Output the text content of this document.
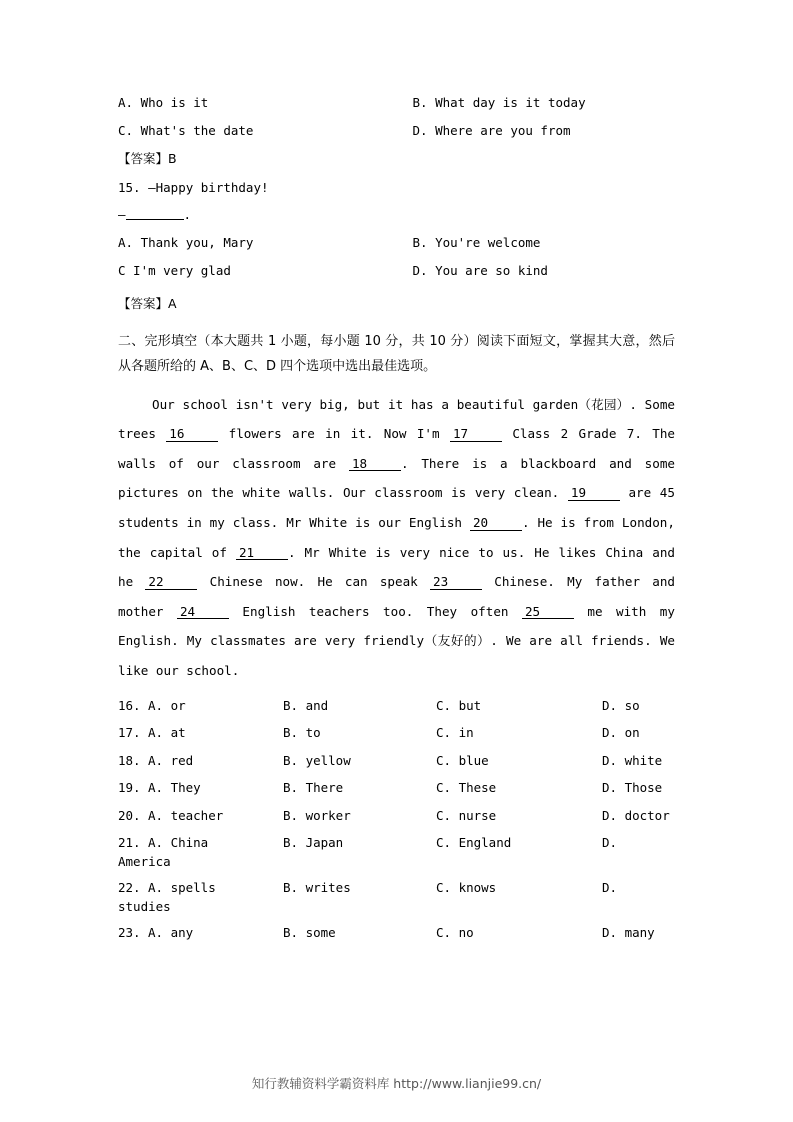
A. Who is it	B. What day is it today
C. What's the date	D. Where are you from
【答案】B
15. —Happy birthday!
—	.
A. Thank you, Mary	B. You're welcome
C I'm very glad	D. You are so kind
【答案】A
二、完形填空（本大题共 1 小题，每小题 10 分，共 10 分）阅读下面短文，掌握其大意，然后从各题所给的 A、B、C、D 四个选项中选出最佳选项。
Our school isn't very big, but it has a beautiful garden（花园）. Some trees 16	flowers are in it. Now I'm 17	Class 2 Grade 7. The walls of our classroom are 18	. There is a blackboard and some pictures on the white walls. Our classroom is very clean. 19	are 45 students in my class. Mr White is our English 20	. He is from London, the capital of 21	. Mr White is very nice to us. He likes China and he 22	Chinese now. He can speak 23	Chinese. My father and mother 24	English teachers too. They often 25	me with my English. My classmates are very friendly（友好的）. We are all friends. We like our school.
16. A. or	B. and	C. but	D. so
17. A. at	B. to	C. in	D. on
18. A. red	B. yellow	C. blue	D. white
19. A. They	B. There	C. These	D. Those
20. A. teacher	B. worker	C. nurse	D. doctor
21. A. China	B. Japan	C. England	D.
America
22. A. spells	B. writes	C. knows	D.
studies
23. A. any	B. some	C. no	D. many
知行教辅资料学霸资料库 http://www.lianjie99.cn/
